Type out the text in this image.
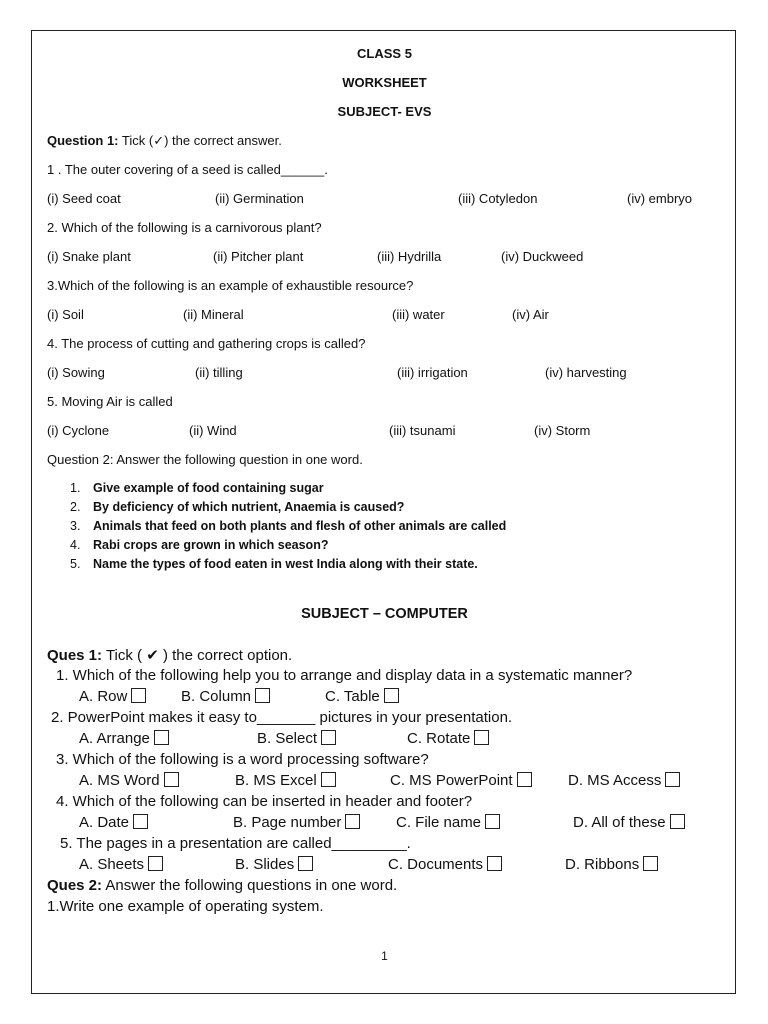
CLASS 5
WORKSHEET
SUBJECT- EVS
Question 1: Tick (✓) the correct answer.
1 . The outer covering of a seed is called______.
(i) Seed coat	(ii) Germination	(iii) Cotyledon	(iv) embryo
2. Which of the following is a carnivorous plant?
(i) Snake plant	(ii) Pitcher plant	(iii) Hydrilla	(iv) Duckweed
3.Which of the following is an example of exhaustible resource?
(i) Soil	(ii) Mineral	(iii) water	(iv) Air
4. The process of cutting and gathering crops is called?
(i) Sowing	(ii) tilling	(iii) irrigation	(iv) harvesting
5. Moving Air is called
(i) Cyclone	(ii) Wind	(iii) tsunami	(iv) Storm
Question 2: Answer the following question in one word.
1. Give example of food containing sugar
2. By deficiency of which nutrient, Anaemia is caused?
3. Animals that feed on both plants and flesh of other animals are called
4. Rabi crops are grown in which season?
5. Name the types of food eaten in west India along with their state.
SUBJECT – COMPUTER
Ques 1: Tick ( ✔ ) the correct option.
1. Which of the following help you to arrange and display data in a systematic manner?
A. Row	B. Column	C. Table
2. PowerPoint makes it easy to_______ pictures in your presentation.
A. Arrange	B. Select	C. Rotate
3. Which of the following is a word processing software?
A. MS Word	B. MS Excel	C. MS PowerPoint	D. MS Access
4. Which of the following can be inserted in header and footer?
A. Date	B. Page number	C. File name	D. All of these
5. The pages in a presentation are called_________.
A. Sheets	B. Slides	C. Documents	D. Ribbons
Ques 2: Answer the following questions in one word.
1.Write one example of operating system.
1
